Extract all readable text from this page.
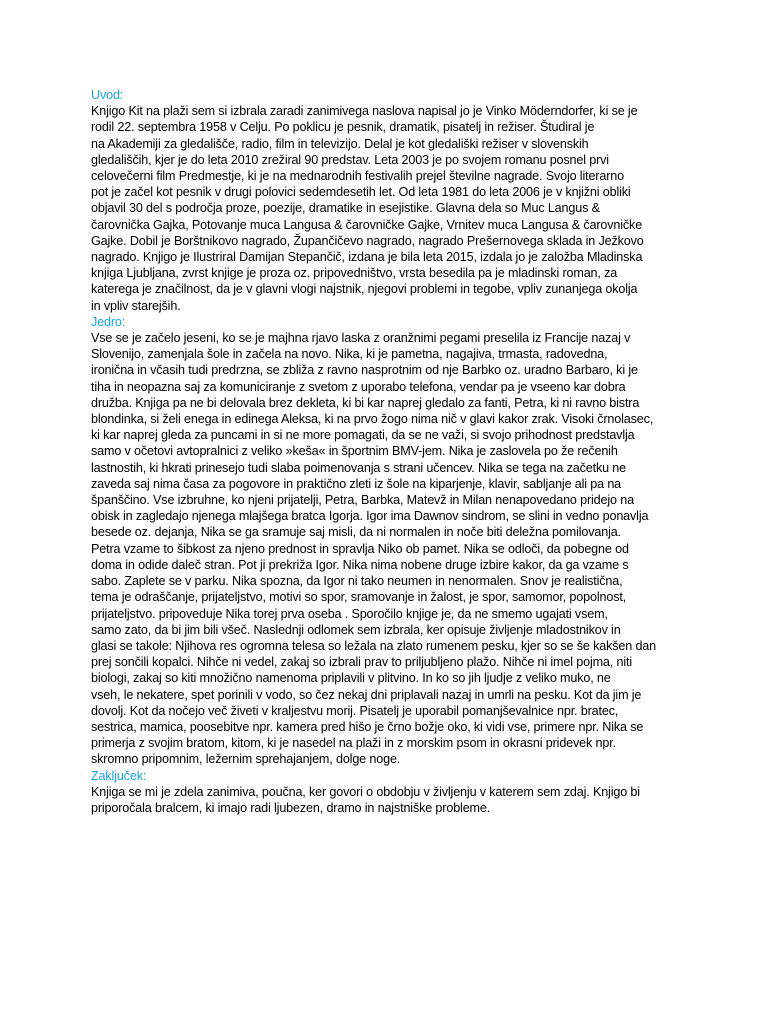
Uvod:

Knjigo Kit na plaži sem si izbrala zaradi zanimivega naslova napisal jo je Vinko Möderndorfer, ki se je
rodil 22. septembra 1958 v Celju. Po poklicu je pesnik, dramatik, pisatelj in režiser. Študiral je
na Akademiji za gledališče, radio, film in televizijo. Delal je kot gledališki režiser v slovenskih
gledališčih, kjer je do leta 2010 zrežiral 90 predstav. Leta 2003 je po svojem romanu posnel prvi
celovečerni film Predmestje, ki je na mednarodnih festivalih prejel številne nagrade. Svojo literarno
pot je začel kot pesnik v drugi polovici sedemdesetih let. Od leta 1981 do leta 2006 je v knjižni obliki
objavil 30 del s področja proze, poezije, dramatike in esejistike. Glavna dela so Muc Langus &
čarovnička Gajka, Potovanje muca Langusa & čarovničke Gajke, Vrnitev muca Langusa & čarovničke
Gajke. Dobil je Borštnikovo nagrado, Župančičevo nagrado, nagrado Prešernovega sklada in Ježkovo
nagrado. Knjigo je Ilustriral Damijan Stepančič, izdana je bila leta 2015, izdala jo je založba Mladinska
knjiga Ljubljana, zvrst knjige je proza oz. pripovedništvo, vrsta besedila pa je mladinski roman, za
katerega je značilnost, da je v glavni vlogi najstnik, njegovi problemi in tegobe, vpliv zunanjega okolja
in vpliv starejših.

Jedro:

Vse se je začelo jeseni, ko se je majhna rjavo laska z oranžnimi pegami preselila iz Francije nazaj v
Slovenijo, zamenjala šole in začela na novo. Nika, ki je pametna, nagajiva, trmasta, radovedna,
ironična in včasih tudi predrzna, se zbliža z ravno nasprotnim od nje Barbko oz. uradno Barbaro, ki je
tiha in neopazna saj za komuniciranje z svetom z uporabo telefona, vendar pa je vseeno kar dobra
družba. Knjiga pa ne bi delovala brez dekleta, ki bi kar naprej gledalo za fanti, Petra, ki ni ravno bistra
blondinka, si želi enega in edinega Aleksa, ki na prvo žogo nima nič v glavi kakor zrak. Visoki črnolasec,
ki kar naprej gleda za puncami in si ne more pomagati, da se ne važi, si svojo prihodnost predstavlja
samo v očetovi avtopralnici z veliko »keša« in športnim BMV-jem. Nika je zaslovela po že rečenih
lastnostih, ki hkrati prinesejo tudi slaba poimenovanja s strani učencev. Nika se tega na začetku ne
zaveda saj nima časa za pogovore in praktično zleti iz šole na kiparjenje, klavir, sabljanje ali pa na
španščino. Vse izbruhne, ko njeni prijatelji, Petra, Barbka, Matevž in Milan nenapovedano pridejo na
obisk in zagledajo njenega mlajšega bratca Igorja. Igor ima Dawnov sindrom, se slini in vedno ponavlja
besede oz. dejanja, Nika se ga sramuje saj misli, da ni normalen in noče biti deležna pomilovanja.
Petra vzame to šibkost za njeno prednost in spravlja Niko ob pamet. Nika se odloči, da pobegne od
doma in odide daleč stran. Pot ji prekriža Igor. Nika nima nobene druge izbire kakor, da ga vzame s
sabo. Zaplete se v parku. Nika spozna, da Igor ni tako neumen in nenormalen. Snov je realistična,
tema je odraščanje, prijateljstvo, motivi so spor, sramovanje in žalost, je spor, samomor, popolnost,
prijateljstvo. pripoveduje Nika torej prva oseba . Sporočilo knjige je, da ne smemo ugajati vsem,
samo zato, da bi jim bili všeč. Naslednji odlomek sem izbrala, ker opisuje življenje mladostnikov in
glasi se takole: Njihova res ogromna telesa so ležala na zlato rumenem pesku, kjer so se še kakšen dan
prej sončili kopalci. Nihče ni vedel, zakaj so izbrali prav to priljubljeno plažo. Nihče ni imel pojma, niti
biologi, zakaj so kiti množično namenoma priplavili v plitvino. In ko so jih ljudje z veliko muko, ne
vseh, le nekatere, spet porinili v vodo, so čez nekaj dni priplavali nazaj in umrli na pesku. Kot da jim je
dovolj. Kot da nočejo več živeti v kraljestvu morij. Pisatelj je uporabil pomanjševalnice npr. bratec,
sestrica, mamica, poosebitve npr. kamera pred hišo je črno božje oko, ki vidi vse, primere npr. Nika se
primerja z svojim bratom, kitom, ki je nasedel na plaži in z morskim psom in okrasni pridevek npr.
skromno pripomnim, ležernim sprehajanjem, dolge noge.

Zaključek:

Knjiga se mi je zdela zanimiva, poučna, ker govori o obdobju v življenju v katerem sem zdaj. Knjigo bi
priporočala bralcem, ki imajo radi ljubezen, dramo in najstniške probleme.
